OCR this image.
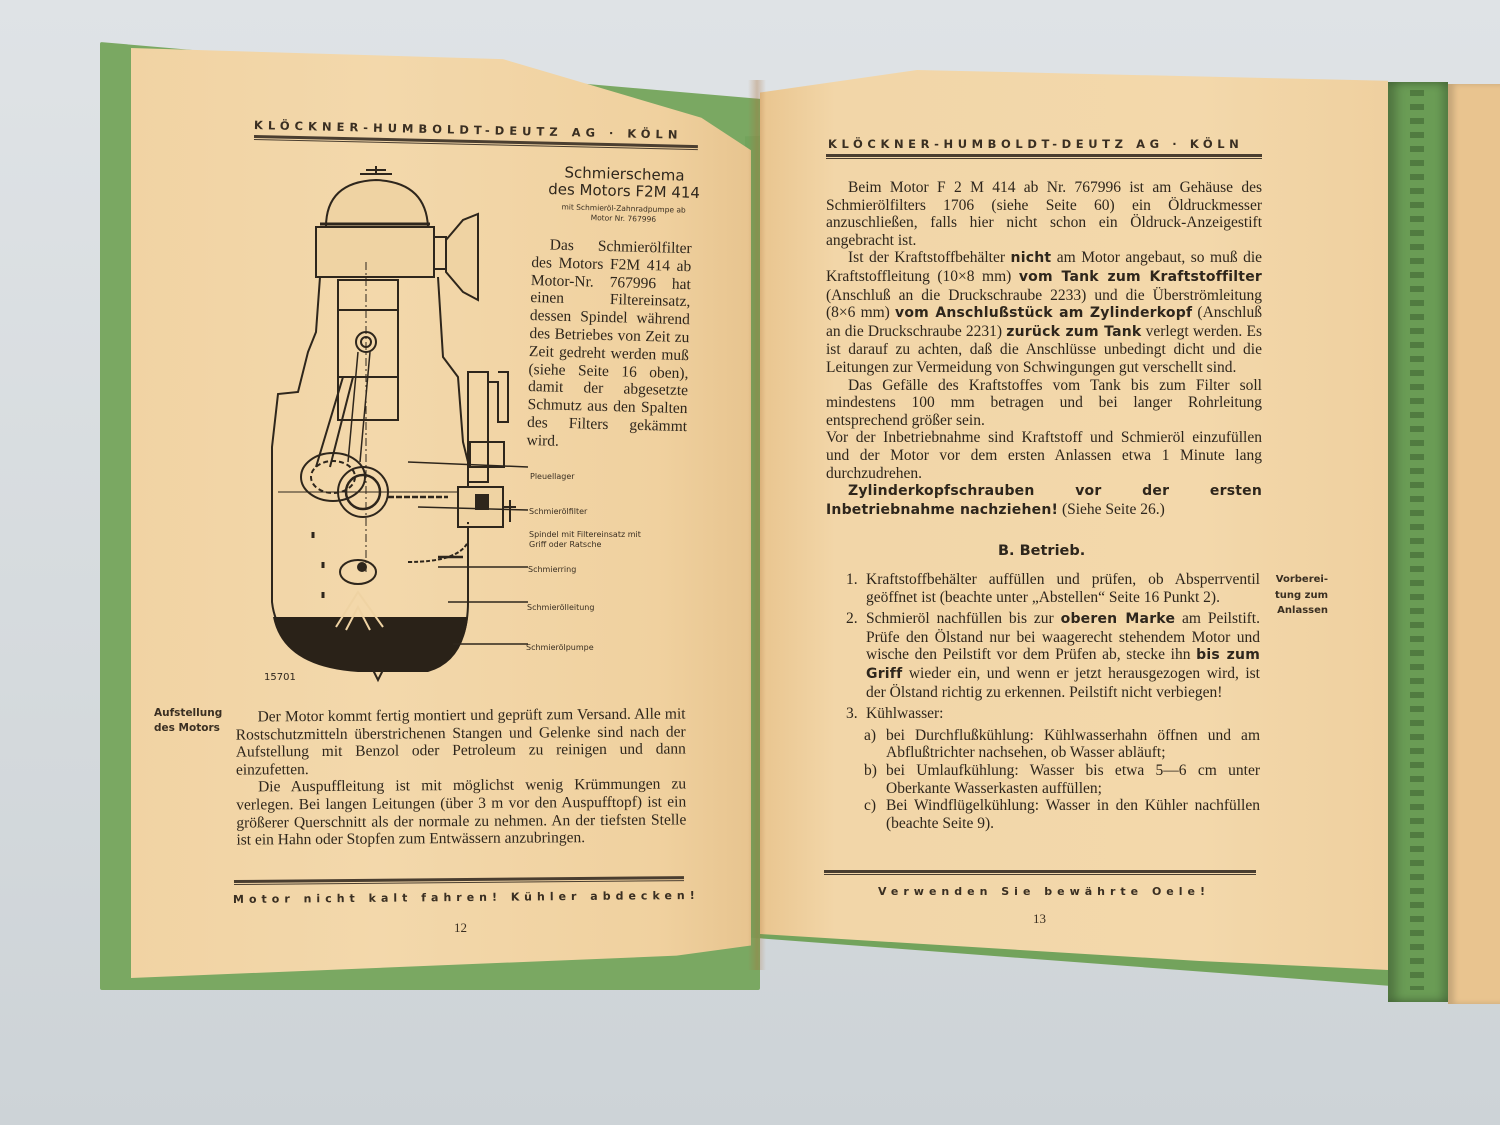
KLÖCKNER-HUMBOLDT-DEUTZ AG · KÖLN
15701
Schmierschema
des Motors F2M 414
mit Schmieröl-Zahnradpumpe ab
Motor Nr. 767996
Das Schmierölfilter des Motors F2M 414 ab Motor-Nr. 767996 hat einen Filtereinsatz, dessen Spindel während des Betriebes von Zeit zu Zeit gedreht werden muß (siehe Seite 16 oben), damit der abgesetzte Schmutz aus den Spalten des Filters gekämmt wird.
Pleuellager
Schmierölfilter
Spindel mit Filtereinsatz mit Griff oder Ratsche
Schmierring
Schmierölleitung
Schmierölpumpe
Aufstellung
des Motors

Der Motor kommt fertig montiert und geprüft zum Versand. Alle mit Rostschutzmitteln überstrichenen Stangen und Gelenke sind nach der Aufstellung mit Benzol oder Petroleum zu reinigen und dann einzufetten.

Die Auspuffleitung ist mit möglichst wenig Krümmungen zu verlegen. Bei langen Leitungen (über 3 m vor den Auspufftopf) ist ein größerer Querschnitt als der normale zu nehmen. An der tiefsten Stelle ist ein Hahn oder Stopfen zum Entwässern anzubringen.

Motor nicht kalt fahren! Kühler abdecken!
12
KLÖCKNER-HUMBOLDT-DEUTZ AG · KÖLN

Beim Motor F 2 M 414 ab Nr. 767996 ist am Gehäuse des Schmierölfilters 1706 (siehe Seite 60) ein Öldruckmesser anzuschließen, falls hier nicht schon ein Öldruck-Anzeigestift angebracht ist.

Ist der Kraftstoffbehälter nicht am Motor angebaut, so muß die Kraftstoffleitung (10×8 mm) vom Tank zum Kraftstoffilter (Anschluß an die Druckschraube 2233) und die Überströmleitung (8×6 mm) vom Anschlußstück am Zylinderkopf (Anschluß an die Druckschraube 2231) zurück zum Tank verlegt werden. Es ist darauf zu achten, daß die Anschlüsse unbedingt dicht und die Leitungen zur Vermeidung von Schwingungen gut verschellt sind.

Das Gefälle des Kraftstoffes vom Tank bis zum Filter soll mindestens 100 mm betragen und bei langer Rohrleitung entsprechend größer sein.

Vor der Inbetriebnahme sind Kraftstoff und Schmieröl einzufüllen und der Motor vor dem ersten Anlassen etwa 1 Minute lang durchzudrehen.

Zylinderkopfschrauben vor der ersten Inbetriebnahme nachziehen! (Siehe Seite 26.)

B. Betrieb.
Vorberei-
tung zum
Anlassen
1. Kraftstoffbehälter auffüllen und prüfen, ob Absperrventil geöffnet ist (beachte unter „Abstellen“ Seite 16 Punkt 2).
2. Schmieröl nachfüllen bis zur oberen Marke am Peilstift. Prüfe den Ölstand nur bei waagerecht stehendem Motor und wische den Peilstift vor dem Prüfen ab, stecke ihn bis zum Griff wieder ein, und wenn er jetzt herausgezogen wird, ist der Ölstand richtig zu erkennen. Peilstift nicht verbiegen!
3. Kühlwasser:
a) bei Durchflußkühlung: Kühlwasserhahn öffnen und am Abflußtrichter nachsehen, ob Wasser abläuft;
b) bei Umlaufkühlung: Wasser bis etwa 5—6 cm unter Oberkante Wasserkasten auffüllen;
c) Bei Windflügelkühlung: Wasser in den Kühler nachfüllen (beachte Seite 9).
Verwenden Sie bewährte Oele!
13
